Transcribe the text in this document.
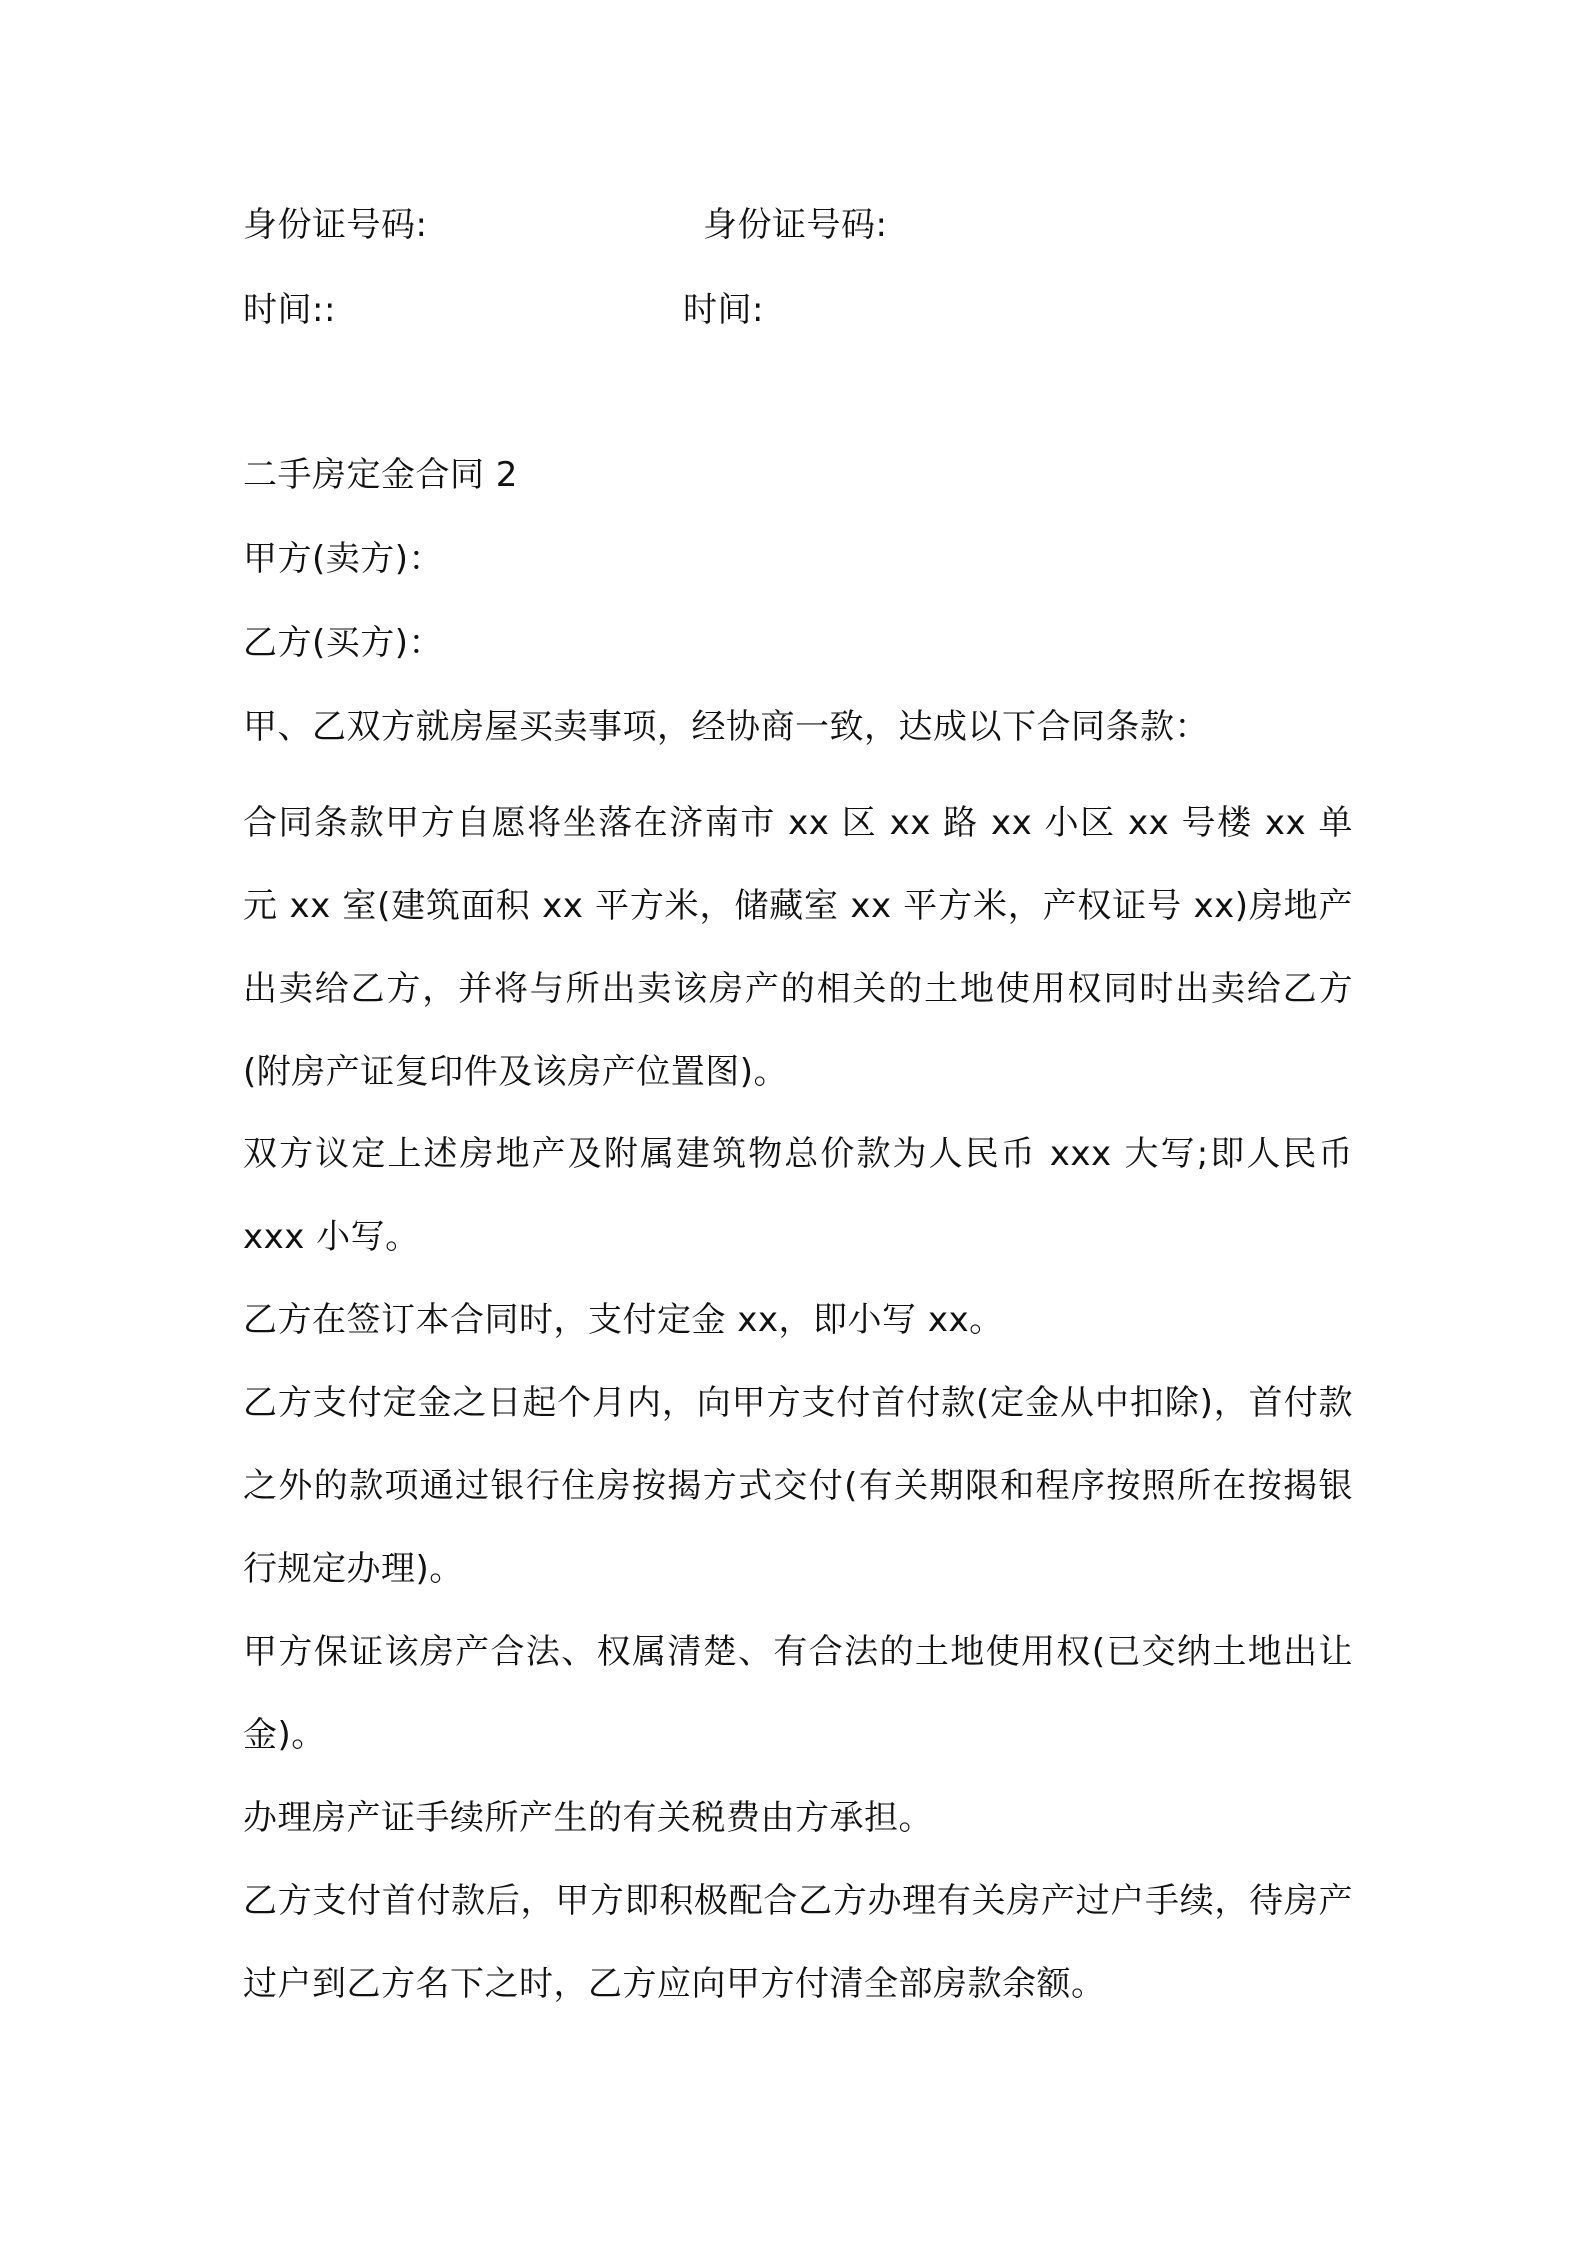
身份证号码:	身份证号码:
时间::	时间:
二手房定金合同 2
甲方(卖方)：
乙方(买方)：
甲、乙双方就房屋买卖事项，经协商一致，达成以下合同条款：
合同条款甲方自愿将坐落在济南市 xx 区 xx 路 xx 小区 xx 号楼 xx 单元 xx 室(建筑面积 xx 平方米，储藏室 xx 平方米，产权证号 xx)房地产出卖给乙方，并将与所出卖该房产的相关的土地使用权同时出卖给乙方(附房产证复印件及该房产位置图)。
双方议定上述房地产及附属建筑物总价款为人民币 xxx 大写;即人民币 xxx 小写。
乙方在签订本合同时，支付定金 xx，即小写 xx。
乙方支付定金之日起个月内，向甲方支付首付款(定金从中扣除)，首付款之外的款项通过银行住房按揭方式交付(有关期限和程序按照所在按揭银行规定办理)。
甲方保证该房产合法、权属清楚、有合法的土地使用权(已交纳土地出让金)。
办理房产证手续所产生的有关税费由方承担。
乙方支付首付款后，甲方即积极配合乙方办理有关房产过户手续，待房产过户到乙方名下之时，乙方应向甲方付清全部房款余额。
